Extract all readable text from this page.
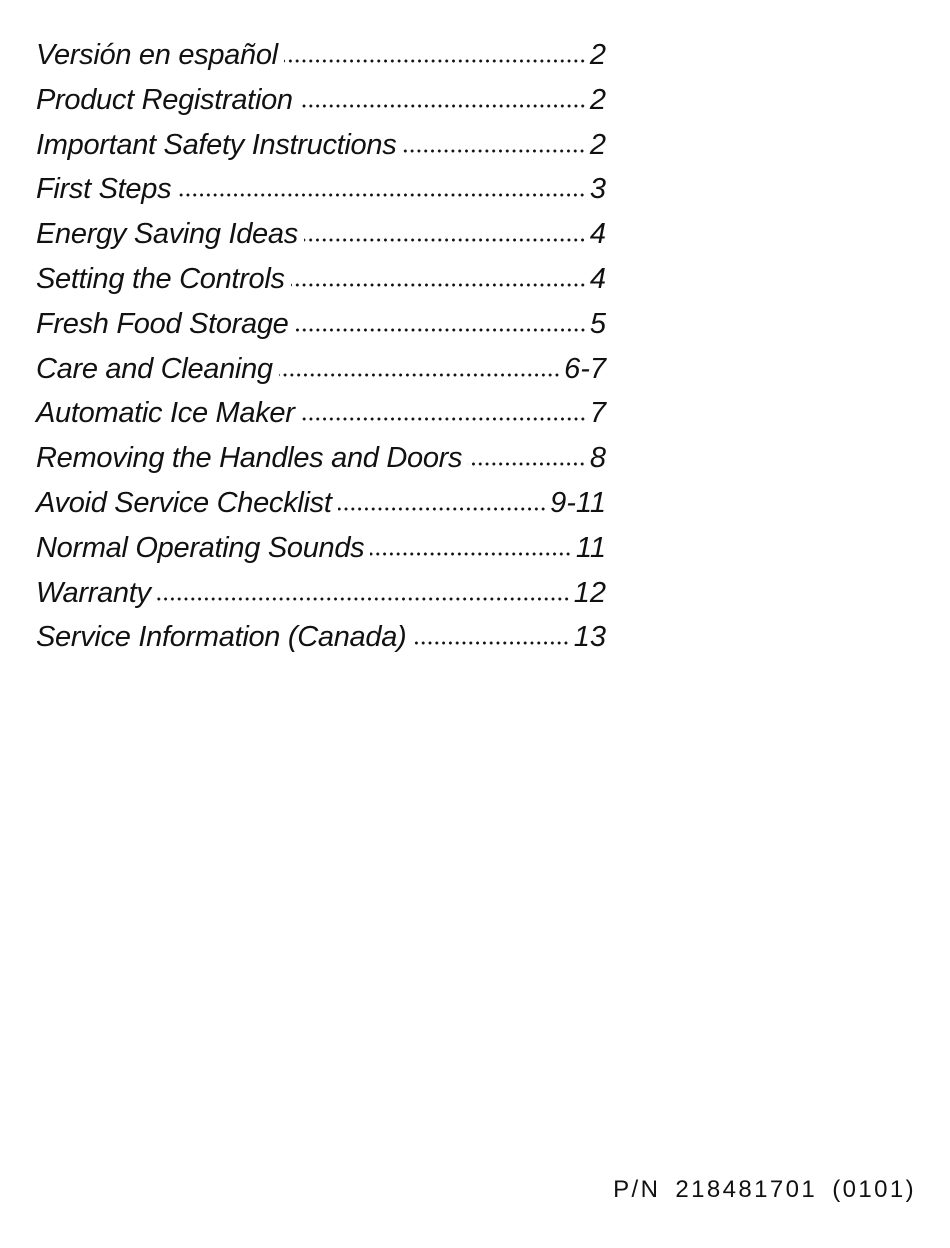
Versión en español	2
Product Registration	2
Important Safety Instructions	2
First Steps	3
Energy Saving Ideas	4
Setting the Controls	4
Fresh Food Storage	5
Care and Cleaning	6-7
Automatic Ice Maker	7
Removing the Handles and Doors	8
Avoid Service Checklist	9-11
Normal Operating Sounds	11
Warranty	12
Service Information (Canada)	13
P/N 218481701 (0101)
